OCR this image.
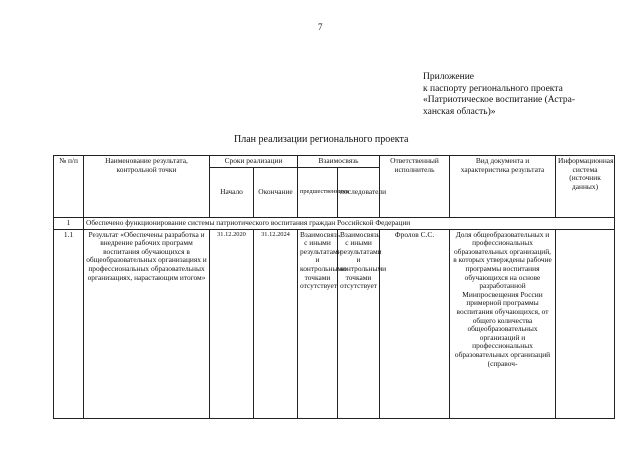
7
Приложение
к паспорту регионального проекта
«Патриотическое воспитание (Астра-
ханская область)»
План реализации регионального проекта
№ п/п	Наименование результата, контрольной точки	Сроки реализации		Взаимосвязь		Ответственный исполнитель	Вид документа и характеристика результата	Информационная система (источник данных)
		Начало	Окончание	предшественники	последователи			
1	Обеспечено функционирование системы патриотического воспитания граждан Российской Федерации							
1.1	Результат «Обеспечены разработка и внедрение рабочих программ воспитания обучающихся в общеобразовательных организациях и профессиональных образовательных организациях, нарастающим итогом»	31.12.2020	31.12.2024	Взаимосвязь с иными результатами и контрольными точками отсутствует	Взаимосвязь с иными результатами и контрольными точками отсутствует	Фролов С.С.	Доля общеобразовательных и профессиональных образовательных организаций, в которых утверждены рабочие программы воспитания обучающихся на основе разработанной Минпросвещения России примерной программы воспитания обучающихся, от общего количества общеобразовательных организаций и профессиональных образовательных организаций (справоч-	
